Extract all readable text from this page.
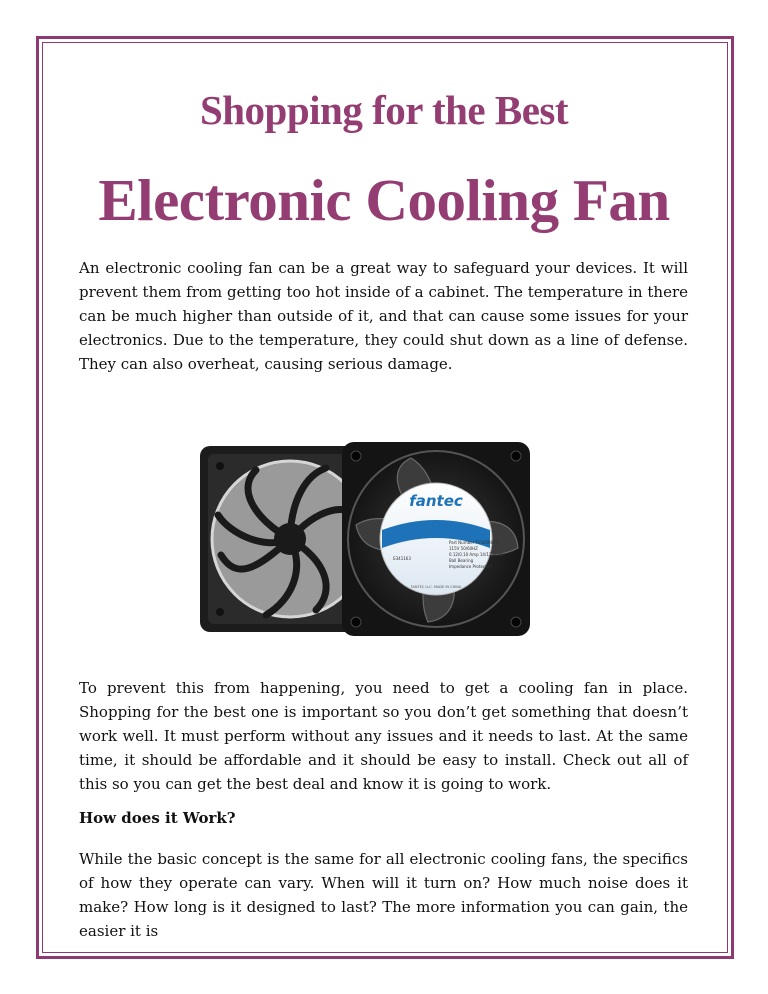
Shopping for the Best
Electronic Cooling Fan

An electronic cooling fan can be a great way to safeguard your devices. It will prevent them from getting too hot inside of a cabinet. The temperature in there can be much higher than outside of it, and that can cause some issues for your electronics. Due to the temperature, they could shut down as a line of defense. They can also overheat, causing serious damage.

fantec
Part Number F1505081H
115V 50/60HZ
0.12/0.10 Amp 14/12 Watts
Ball Bearing
Impedance Protected
E341163
FANTEC LLC. MADE IN CHINA

To prevent this from happening, you need to get a cooling fan in place. Shopping for the best one is important so you don’t get something that doesn’t work well. It must perform without any issues and it needs to last. At the same time, it should be affordable and it should be easy to install. Check out all of this so you can get the best deal and know it is going to work.

How does it Work?

While the basic concept is the same for all electronic cooling fans, the specifics of how they operate can vary. When will it turn on? How much noise does it make? How long is it designed to last? The more information you can gain, the easier it is
